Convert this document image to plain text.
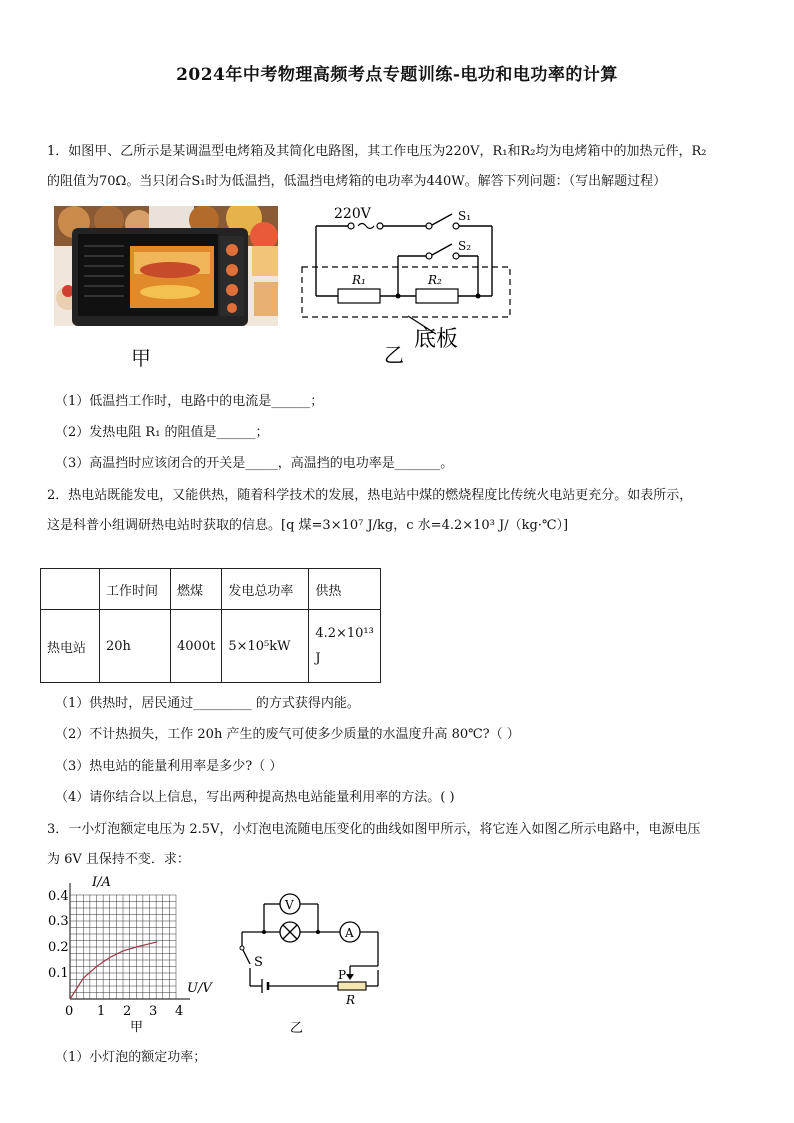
2024年中考物理高频考点专题训练-电功和电功率的计算
1．如图甲、乙所示是某调温型电烤箱及其简化电路图，其工作电压为220V，R₁和R₂均为电烤箱中的加热元件，R₂
的阻值为70Ω。当只闭合S₁时为低温挡，低温挡电烤箱的电功率为440W。解答下列问题：（写出解题过程）
甲
220V	S₁
S₂
R₁	R₂
底板
乙
（1）低温挡工作时，电路中的电流是______；
（2）发热电阻 R₁ 的阻值是______；
（3）高温挡时应该闭合的开关是_____，高温挡的电功率是_______。
2．热电站既能发电，又能供热，随着科学技术的发展，热电站中煤的燃烧程度比传统火电站更充分。如表所示，
这是科普小组调研热电站时获取的信息。[q 煤=3×10⁷ J/kg，c 水=4.2×10³ J/（kg·℃）]
	工作时间	燃煤	发电总功率	供热
热电站	20h	4000t	5×10⁵kW	4.2×10¹³
J
（1）供热时，居民通过_________ 的方式获得内能。
（2）不计热损失，工作 20h 产生的废气可使多少质量的水温度升高 80℃?（ ）
（3）热电站的能量利用率是多少?（ ）
（4）请你结合以上信息，写出两种提高热电站能量利用率的方法。( )
3．一小灯泡额定电压为 2.5V，小灯泡电流随电压变化的曲线如图甲所示，将它连入如图乙所示电路中，电源电压
为 6V 且保持不变．求：
I/A
U/V
0.4
0.3
0.2
0.1
0 1 2 3 4
甲
V
A
S
P
R
乙
（1）小灯泡的额定功率；
